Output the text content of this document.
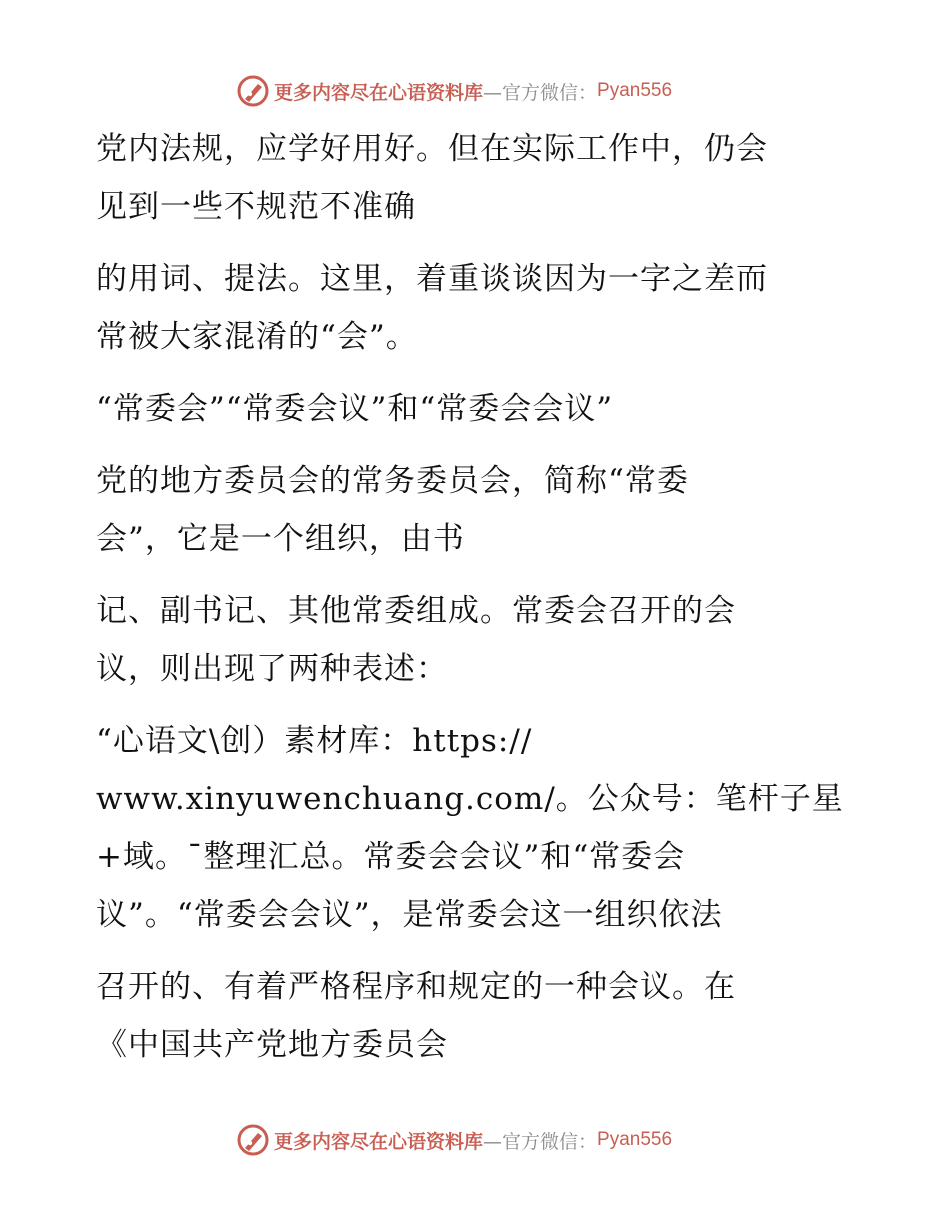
更多内容尽在心语资料库 —官方微信： Pyan556

党内法规，应学好用好。但在实际工作中，仍会
见到一些不规范不准确

的用词、提法。这里，着重谈谈因为一字之差而
常被大家混淆的“会”。

“常委会”“常委会议”和“常委会会议”

党的地方委员会的常务委员会，简称“常委
会”，它是一个组织，由书

记、副书记、其他常委组成。常委会召开的会
议，则出现了两种表述：

“心语文\创）素材库：https://
www.xinyuwenchuang.com/。公众号：笔杆子星
+域。¯整理汇总。常委会会议”和“常委会
议”。“常委会会议”，是常委会这一组织依法

召开的、有着严格程序和规定的一种会议。在
《中国共产党地方委员会

更多内容尽在心语资料库 —官方微信： Pyan556
